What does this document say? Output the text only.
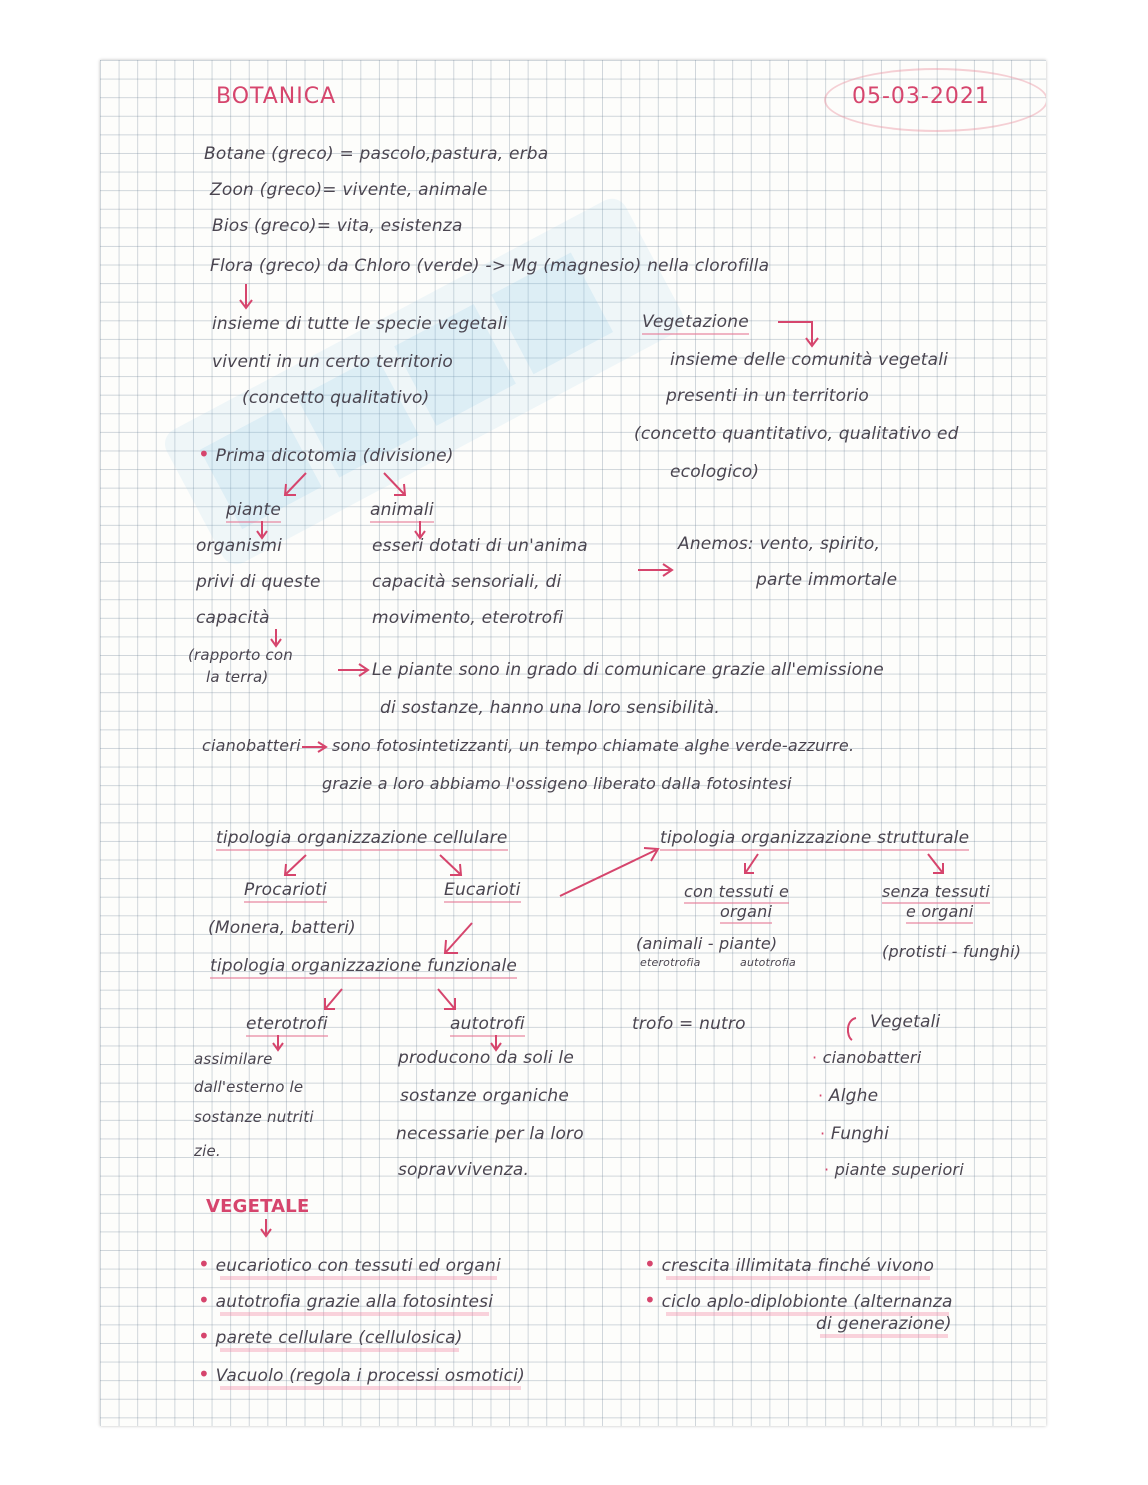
BOTANICA	05-03-2021
Botane (greco) = pascolo,pastura, erba
Zoon (greco)= vivente, animale
Bios (greco)= vita, esistenza
Flora (greco) da Chloro (verde) -> Mg (magnesio) nella clorofilla
insieme di tutte le specie vegetali
viventi in un certo territorio
(concetto qualitativo)
Vegetazione
insieme delle comunità vegetali
presenti in un territorio
(concetto quantitativo, qualitativo ed
ecologico)
• Prima dicotomia (divisione)
piante	animali
organismi
privi di queste
capacità
esseri dotati di un'anima
capacità sensoriali, di
movimento, eterotrofi
Anemos: vento, spirito,
parte immortale
(rapporto con
la terra)	Le piante sono in grado di comunicare grazie all'emissione
di sostanze, hanno una loro sensibilità.
cianobatteri sono fotosintetizzanti, un tempo chiamate alghe verde-azzurre.
grazie a loro abbiamo l'ossigeno liberato dalla fotosintesi
tipologia organizzazione cellulare
Procarioti	Eucarioti
(Monera, batteri)
tipologia organizzazione strutturale
con tessuti e
organi
(animali - piante)
eterotrofia	autotrofia
senza tessuti
e organi
(protisti - funghi)
tipologia organizzazione funzionale
eterotrofi	autotrofi
assimilare
dall'esterno le
sostanze nutriti
zie.
producono da soli le
sostanze organiche
necessarie per la loro
sopravvivenza.
trofo = nutro	Vegetali
· cianobatteri
· Alghe
· Funghi
· piante superiori
VEGETALE
• eucariotico con tessuti ed organi
• autotrofia grazie alla fotosintesi
• parete cellulare (cellulosica)
• Vacuolo (regola i processi osmotici)
• crescita illimitata finché vivono
• ciclo aplo-diplobionte (alternanza
di generazione)
